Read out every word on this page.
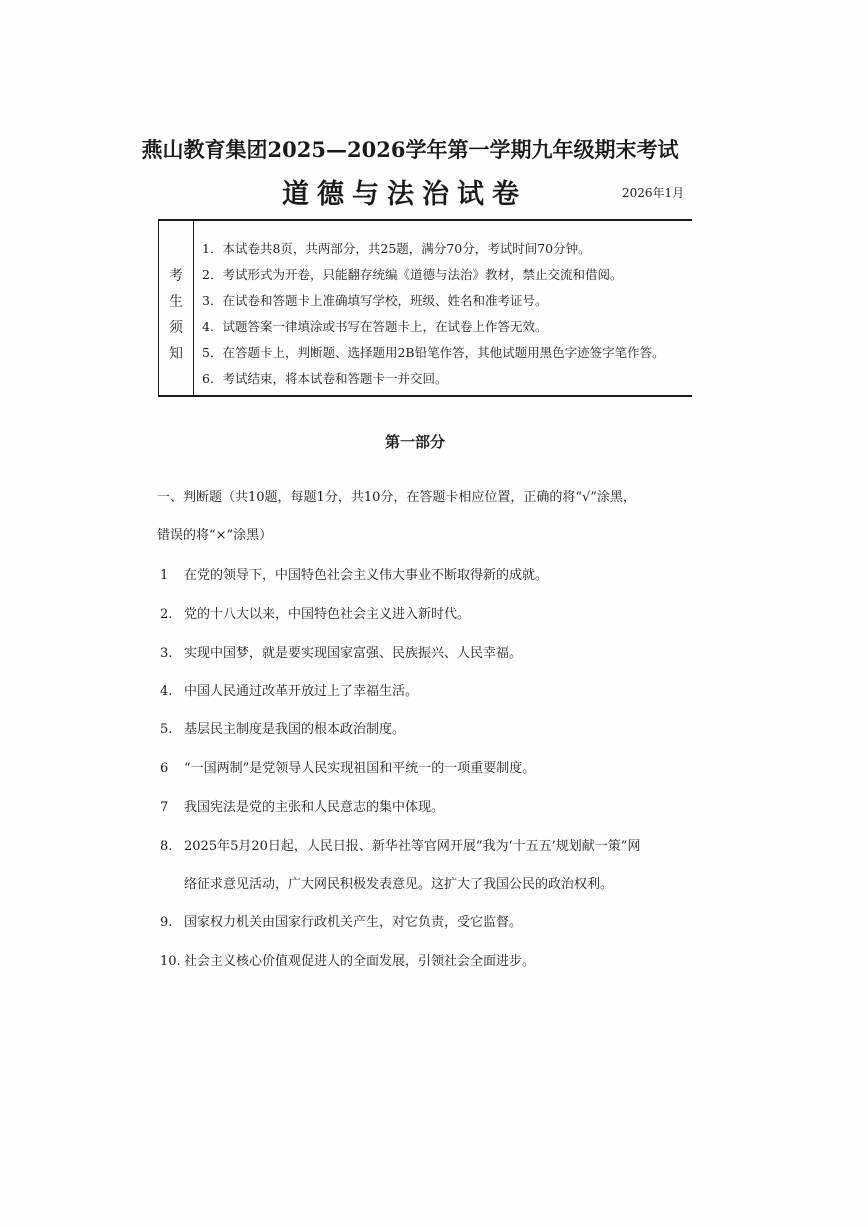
燕山教育集团2025—2026学年第一学期九年级期末考试
道德与法治试卷	2026年1月
考
生
须
知
1．本试卷共8页，共两部分，共25题，满分70分，考试时间70分钟。
2．考试形式为开卷，只能翻存统编《道德与法治》教材，禁止交流和借阅。
3．在试卷和答题卡上准确填写学校，班级、姓名和准考证号。
4．试题答案一律填涂或书写在答题卡上，在试卷上作答无效。
5．在答题卡上，判断题、选择题用2B铅笔作答，其他试题用黑色字迹签字笔作答。
6．考试结束，将本试卷和答题卡一并交回。
第一部分
一、判断题（共10题，每题1分，共10分，在答题卡相应位置，正确的将“√”涂黑，
错误的将“×”涂黑）
1 在党的领导下，中国特色社会主义伟大事业不断取得新的成就。
2. 党的十八大以来，中国特色社会主义进入新时代。
3. 实现中国梦，就是要实现国家富强、民族振兴、人民幸福。
4. 中国人民通过改革开放过上了幸福生活。
5. 基层民主制度是我国的根本政治制度。
6 “一国两制”是党领导人民实现祖国和平统一的一项重要制度。
7 我国宪法是党的主张和人民意志的集中体现。
8. 2025年5月20日起，人民日报、新华社等官网开展“我为‘十五五’规划献一策”网
络征求意见活动，广大网民积极发表意见。这扩大了我国公民的政治权利。
9. 国家权力机关由国家行政机关产生，对它负责，受它监督。
10. 社会主义核心价值观促进人的全面发展，引领社会全面进步。
